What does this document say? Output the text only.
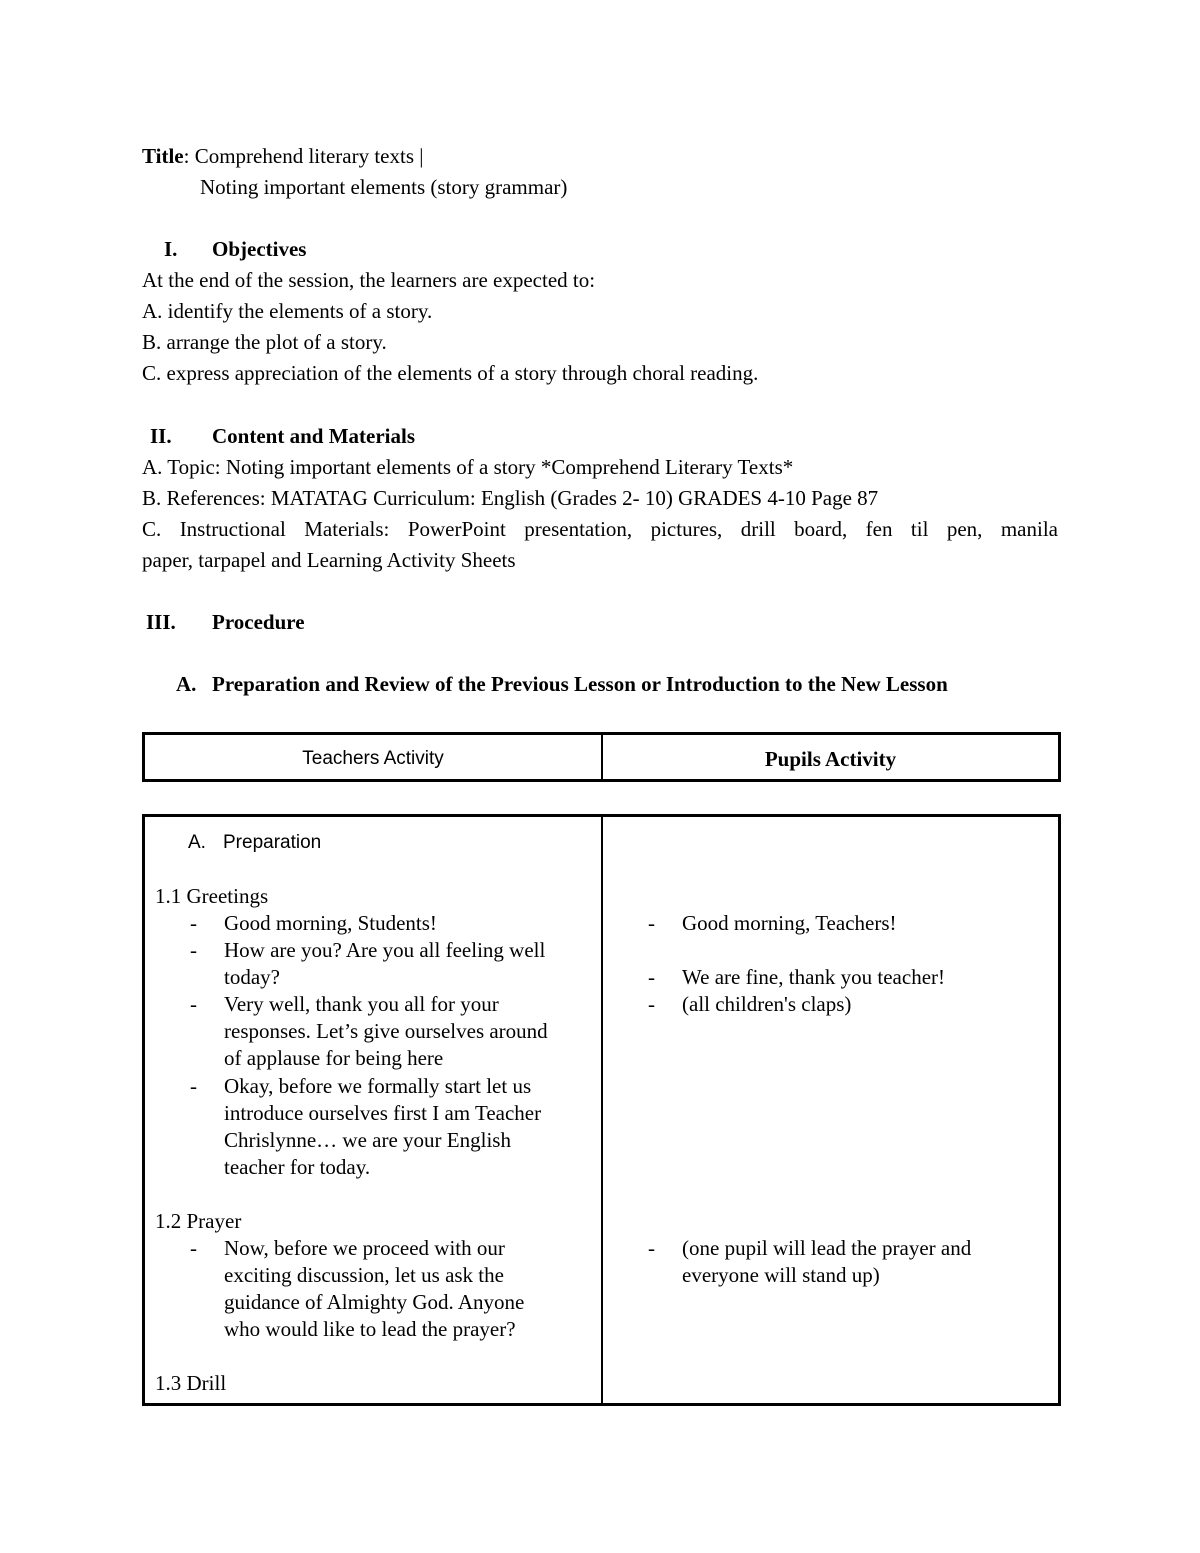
Title: Comprehend literary texts |
Noting important elements (story grammar)
I. Objectives
At the end of the session, the learners are expected to:
A. identify the elements of a story.
B. arrange the plot of a story.
C. express appreciation of the elements of a story through choral reading.
II. Content and Materials
A. Topic: Noting important elements of a story *Comprehend Literary Texts*
B. References: MATATAG Curriculum: English (Grades 2- 10) GRADES 4-10 Page 87
C. Instructional Materials: PowerPoint presentation, pictures, drill board, fen til pen, manila
paper, tarpapel and Learning Activity Sheets
III. Procedure
A. Preparation and Review of the Previous Lesson or Introduction to the New Lesson
Teachers Activity	Pupils Activity
A. Preparation
1.1 Greetings
- Good morning, Students!
- How are you? Are you all feeling well
today?
- Very well, thank you all for your
responses. Let’s give ourselves around
of applause for being here
- Okay, before we formally start let us
introduce ourselves first I am Teacher
Chrislynne… we are your English
teacher for today.
1.2 Prayer
- Now, before we proceed with our
exciting discussion, let us ask the
guidance of Almighty God. Anyone
who would like to lead the prayer?
1.3 Drill
- Good morning, Teachers!
- We are fine, thank you teacher!
- (all children's claps)
- (one pupil will lead the prayer and
everyone will stand up)
